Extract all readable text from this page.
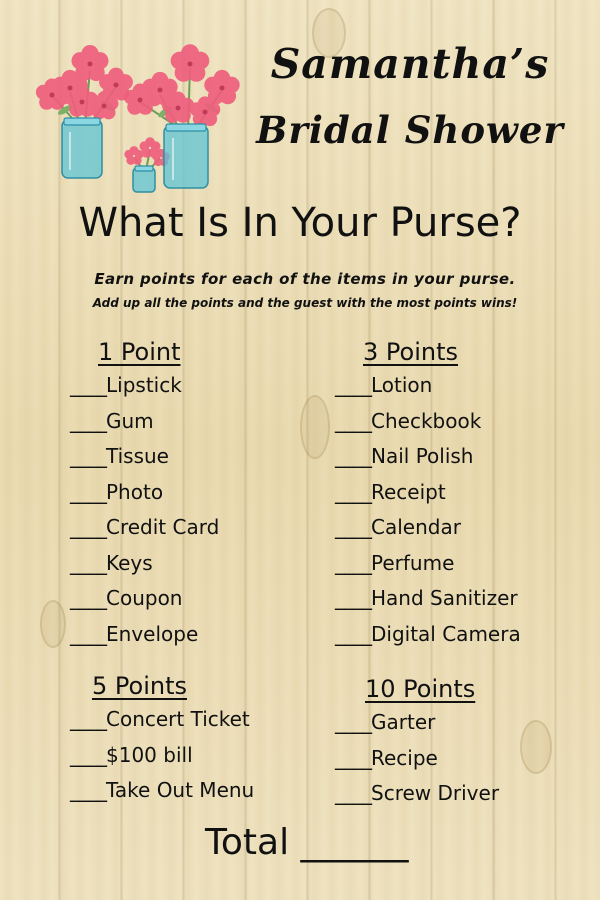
Samantha’s
Bridal Shower
What Is In Your Purse?
Earn points for each of the items in your purse.
Add up all the points and the guest with the most points wins!
1 Point
____Lipstick
____Gum
____Tissue
____Photo
____Credit Card
____Keys
____Coupon
____Envelope
3 Points
____Lotion
____Checkbook
____Nail Polish
____Receipt
____Calendar
____Perfume
____Hand Sanitizer
____Digital Camera
5 Points
____Concert Ticket
____$100 bill
____Take Out Menu
10 Points
____Garter
____Recipe
____Screw Driver
Total ______
